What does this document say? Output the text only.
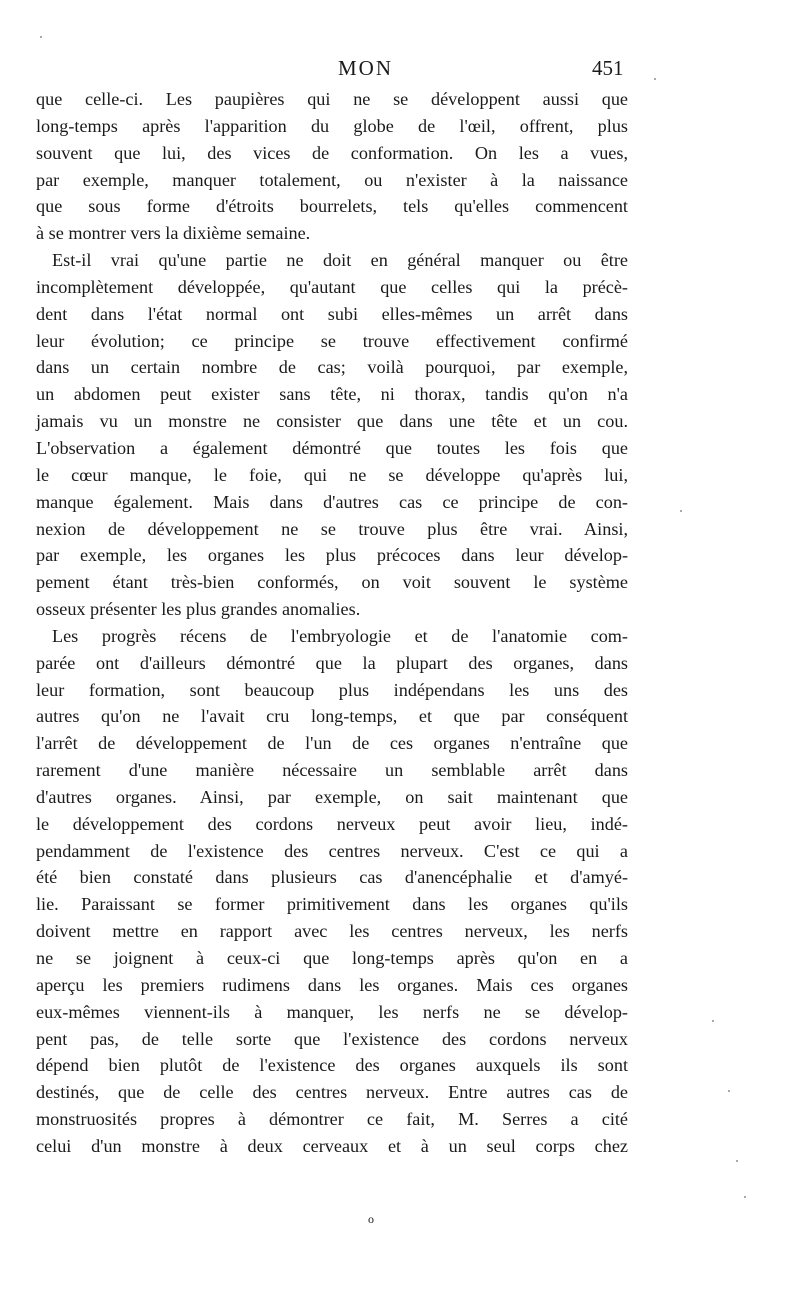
MON	451
que celle-ci. Les paupières qui ne se développent aussi que
long-temps après l'apparition du globe de l'œil, offrent, plus
souvent que lui, des vices de conformation. On les a vues,
par exemple, manquer totalement, ou n'exister à la naissance
que sous forme d'étroits bourrelets, tels qu'elles commencent
à se montrer vers la dixième semaine.
Est-il vrai qu'une partie ne doit en général manquer ou être
incomplètement développée, qu'autant que celles qui la précè-
dent dans l'état normal ont subi elles-mêmes un arrêt dans
leur évolution; ce principe se trouve effectivement confirmé
dans un certain nombre de cas; voilà pourquoi, par exemple,
un abdomen peut exister sans tête, ni thorax, tandis qu'on n'a
jamais vu un monstre ne consister que dans une tête et un cou.
L'observation a également démontré que toutes les fois que
le cœur manque, le foie, qui ne se développe qu'après lui,
manque également. Mais dans d'autres cas ce principe de con-
nexion de développement ne se trouve plus être vrai. Ainsi,
par exemple, les organes les plus précoces dans leur dévelop-
pement étant très-bien conformés, on voit souvent le système
osseux présenter les plus grandes anomalies.
Les progrès récens de l'embryologie et de l'anatomie com-
parée ont d'ailleurs démontré que la plupart des organes, dans
leur formation, sont beaucoup plus indépendans les uns des
autres qu'on ne l'avait cru long-temps, et que par conséquent
l'arrêt de développement de l'un de ces organes n'entraîne que
rarement d'une manière nécessaire un semblable arrêt dans
d'autres organes. Ainsi, par exemple, on sait maintenant que
le développement des cordons nerveux peut avoir lieu, indé-
pendamment de l'existence des centres nerveux. C'est ce qui a
été bien constaté dans plusieurs cas d'anencéphalie et d'amyé-
lie. Paraissant se former primitivement dans les organes qu'ils
doivent mettre en rapport avec les centres nerveux, les nerfs
ne se joignent à ceux-ci que long-temps après qu'on en a
aperçu les premiers rudimens dans les organes. Mais ces organes
eux-mêmes viennent-ils à manquer, les nerfs ne se dévelop-
pent pas, de telle sorte que l'existence des cordons nerveux
dépend bien plutôt de l'existence des organes auxquels ils sont
destinés, que de celle des centres nerveux. Entre autres cas de
monstruosités propres à démontrer ce fait, M. Serres a cité
celui d'un monstre à deux cerveaux et à un seul corps chez
o
